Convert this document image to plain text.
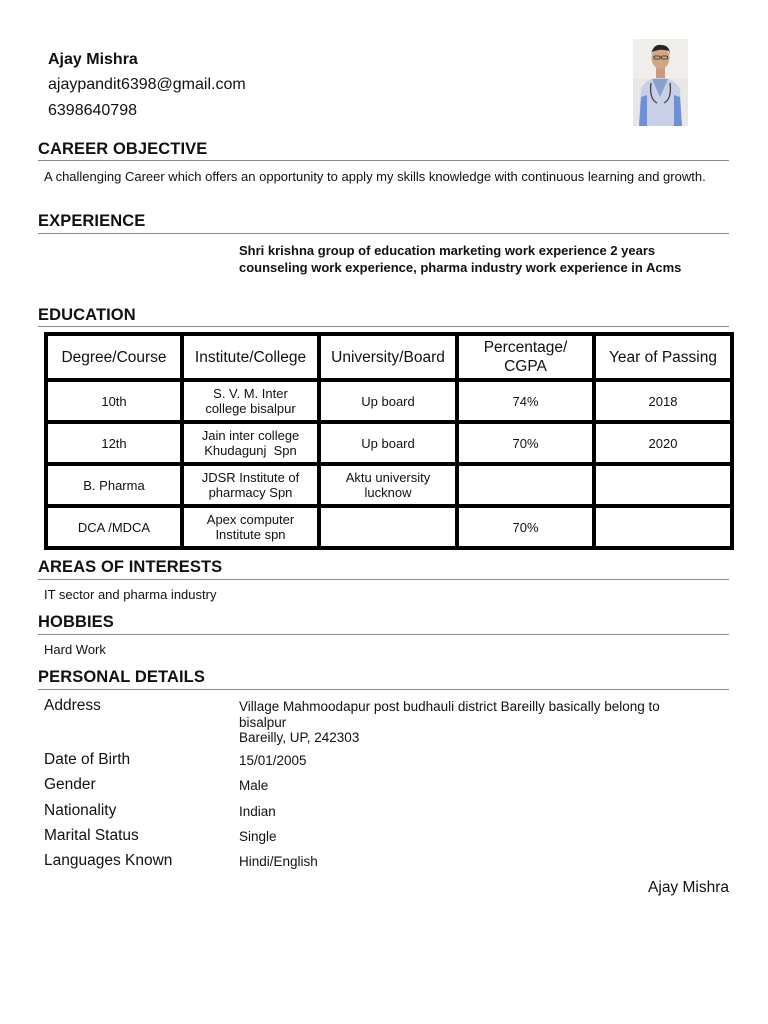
Ajay Mishra
ajaypandit6398@gmail.com
6398640798
CAREER OBJECTIVE
A challenging Career which offers an opportunity to apply my skills knowledge with continuous learning and growth.
EXPERIENCE
Shri krishna group of education marketing work experience 2 years counseling work experience, pharma industry work experience in Acms
EDUCATION
Degree/Course	Institute/College	University/Board	Percentage/ CGPA	Year of Passing
10th	S. V. M. Inter college bisalpur	Up board	74%	2018
12th	Jain inter college Khudagunj  Spn	Up board	70%	2020
B. Pharma	JDSR Institute of pharmacy Spn	Aktu university lucknow		
DCA /MDCA	Apex computer Institute spn		70%	
AREAS OF INTERESTS
IT sector and pharma industry
HOBBIES
Hard Work
PERSONAL DETAILS
Address	Village Mahmoodapur post budhauli district Bareilly basically belong to bisalpur
Bareilly, UP, 242303
Date of Birth	15/01/2005
Gender	Male
Nationality	Indian
Marital Status	Single
Languages Known	Hindi/English
Ajay Mishra
